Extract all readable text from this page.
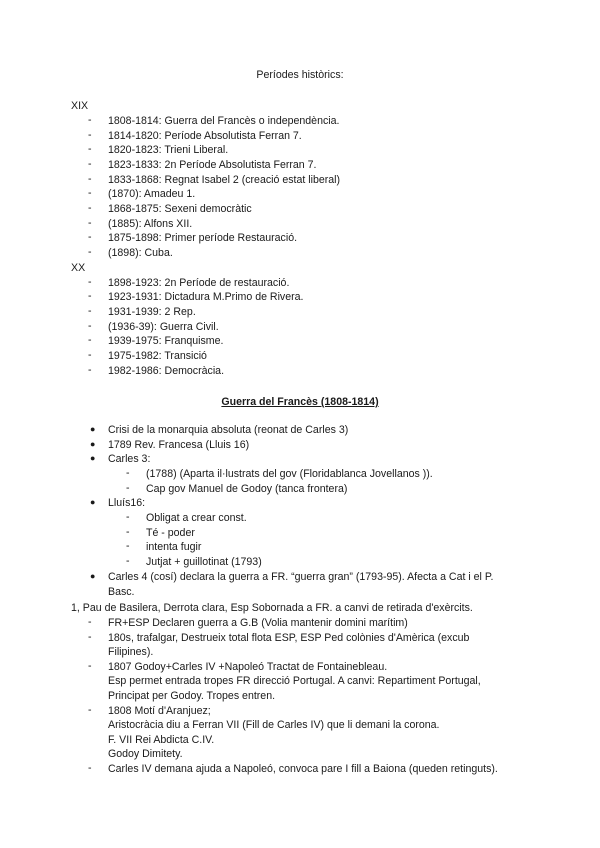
Períodes històrics:
XIX
- 1808-1814: Guerra del Francès o independència.
- 1814-1820: Període Absolutista Ferran 7.
- 1820-1823: Trieni Liberal.
- 1823-1833: 2n Període Absolutista Ferran 7.
- 1833-1868: Regnat Isabel 2 (creació estat liberal)
- (1870): Amadeu 1.
- 1868-1875: Sexeni democràtic
- (1885): Alfons XII.
- 1875-1898: Primer període Restauració.
- (1898): Cuba.
XX
- 1898-1923: 2n Període de restauració.
- 1923-1931: Dictadura M.Primo de Rivera.
- 1931-1939: 2 Rep.
- (1936-39): Guerra Civil.
- 1939-1975: Franquisme.
- 1975-1982: Transició
- 1982-1986: Democràcia.
Guerra del Francès (1808-1814)
● Crisi de la monarquia absoluta (reonat de Carles 3)
● 1789 Rev. Francesa (Lluis 16)
● Carles 3:
- (1788) (Aparta il·lustrats del gov (Floridablanca Jovellanos )).
- Cap gov Manuel de Godoy (tanca frontera)
● Lluís16:
- Obligat a crear const.
- Té - poder
- intenta fugir
- Jutjat + guillotinat (1793)
● Carles 4 (cosí) declara la guerra a FR. “guerra gran” (1793-95). Afecta a Cat i el P.
Basc.
1, Pau de Basilera, Derrota clara, Esp Sobornada a FR. a canvi de retirada d'exèrcits.
- FR+ESP Declaren guerra a G.B (Volia mantenir domini marítim)
- 180s, trafalgar, Destrueix total flota ESP, ESP Ped colònies d'Amèrica (excub
Filipines).
- 1807 Godoy+Carles IV +Napoleó Tractat de Fontainebleau.
Esp permet entrada tropes FR direcció Portugal. A canvi: Repartiment Portugal,
Principat per Godoy. Tropes entren.
- 1808 Motí d'Aranjuez;
Aristocràcia diu a Ferran VII (Fill de Carles IV) que li demani la corona.
F. VII Rei Abdicta C.IV.
Godoy Dimitety.
- Carles IV demana ajuda a Napoleó, convoca pare I fill a Baiona (queden retinguts).
